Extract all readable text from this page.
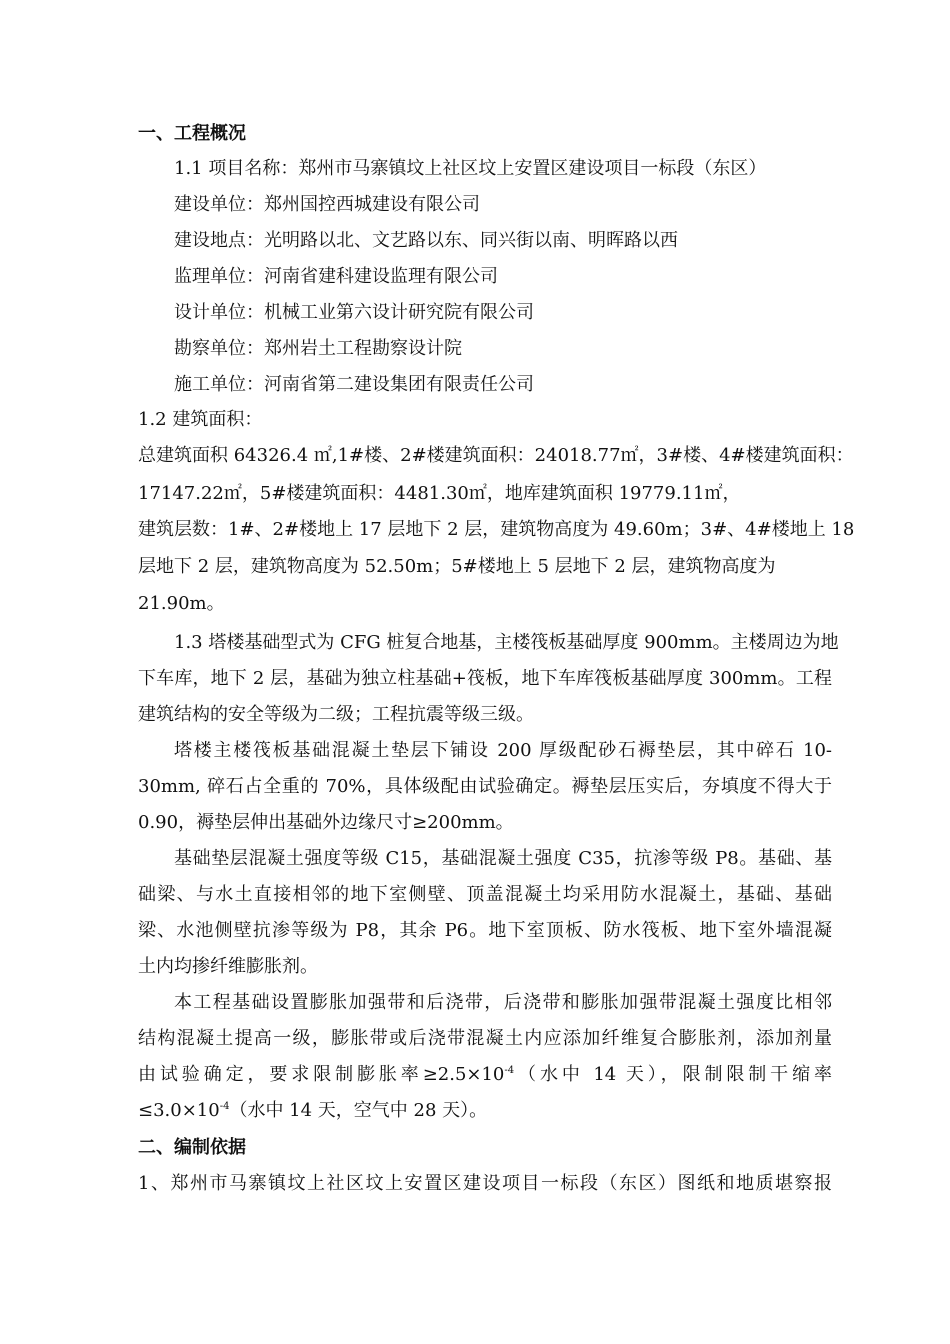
一、工程概况
1.1 项目名称：郑州市马寨镇坟上社区坟上安置区建设项目一标段（东区）
建设单位：郑州国控西城建设有限公司
建设地点：光明路以北、文艺路以东、同兴街以南、明晖路以西
监理单位：河南省建科建设监理有限公司
设计单位：机械工业第六设计研究院有限公司
勘察单位：郑州岩土工程勘察设计院
施工单位：河南省第二建设集团有限责任公司
1.2 建筑面积：
总建筑面积 64326.4 ㎡,1#楼、2#楼建筑面积：24018.77㎡，3#楼、4#楼建筑面积：
17147.22㎡，5#楼建筑面积：4481.30㎡，地库建筑面积 19779.11㎡，
建筑层数：1#、2#楼地上 17 层地下 2 层，建筑物高度为 49.60m；3#、4#楼地上 18
层地下 2 层，建筑物高度为 52.50m；5#楼地上 5 层地下 2 层，建筑物高度为
21.90m。
1.3 塔楼基础型式为 CFG 桩复合地基，主楼筏板基础厚度 900mm。主楼周边为地
下车库，地下 2 层，基础为独立柱基础+筏板，地下车库筏板基础厚度 300mm。工程
建筑结构的安全等级为二级；工程抗震等级三级。
塔楼主楼筏板基础混凝土垫层下铺设 200 厚级配砂石褥垫层，其中碎石 10-
30mm, 碎石占全重的 70%，具体级配由试验确定。褥垫层压实后，夯填度不得大于
0.90，褥垫层伸出基础外边缘尺寸≥200mm。
基础垫层混凝土强度等级 C15，基础混凝土强度 C35，抗渗等级 P8。基础、基
础梁、与水土直接相邻的地下室侧壁、顶盖混凝土均采用防水混凝土，基础、基础
梁、水池侧壁抗渗等级为 P8，其余 P6。地下室顶板、防水筏板、地下室外墙混凝
土内均掺纤维膨胀剂。
本工程基础设置膨胀加强带和后浇带，后浇带和膨胀加强带混凝土强度比相邻
结构混凝土提高一级，膨胀带或后浇带混凝土内应添加纤维复合膨胀剂，添加剂量
由试验确定，要求限制膨胀率$\ge 2.5\times 10^{-4}$（水中 14 天），限制限制干缩率
$\le 3.0\times 10^{-4}$（水中 14 天，空气中 28 天）。
二、编制依据
1、郑州市马寨镇坟上社区坟上安置区建设项目一标段（东区）图纸和地质堪察报
